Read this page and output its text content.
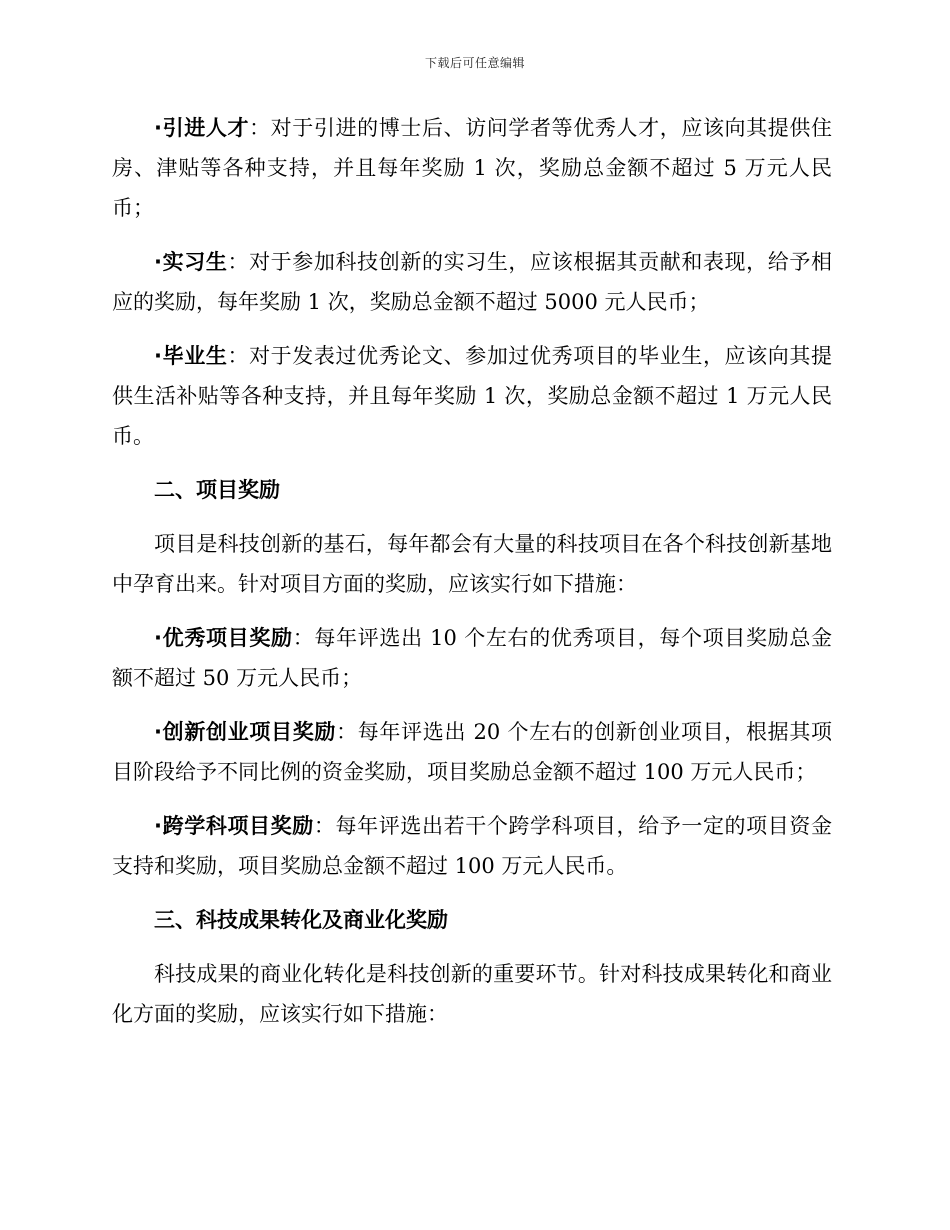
下载后可任意编辑

·引进人才：对于引进的博士后、访问学者等优秀人才，应该向其提供住房、津贴等各种支持，并且每年奖励 1 次，奖励总金额不超过 5 万元人民币；

·实习生：对于参加科技创新的实习生，应该根据其贡献和表现，给予相应的奖励，每年奖励 1 次，奖励总金额不超过 5000 元人民币；

·毕业生：对于发表过优秀论文、参加过优秀项目的毕业生，应该向其提供生活补贴等各种支持，并且每年奖励 1 次，奖励总金额不超过 1 万元人民币。

二、项目奖励

项目是科技创新的基石，每年都会有大量的科技项目在各个科技创新基地中孕育出来。针对项目方面的奖励，应该实行如下措施：

·优秀项目奖励：每年评选出 10 个左右的优秀项目，每个项目奖励总金额不超过 50 万元人民币；

·创新创业项目奖励：每年评选出 20 个左右的创新创业项目，根据其项目阶段给予不同比例的资金奖励，项目奖励总金额不超过 100 万元人民币；

·跨学科项目奖励：每年评选出若干个跨学科项目，给予一定的项目资金支持和奖励，项目奖励总金额不超过 100 万元人民币。

三、科技成果转化及商业化奖励

科技成果的商业化转化是科技创新的重要环节。针对科技成果转化和商业化方面的奖励，应该实行如下措施：
